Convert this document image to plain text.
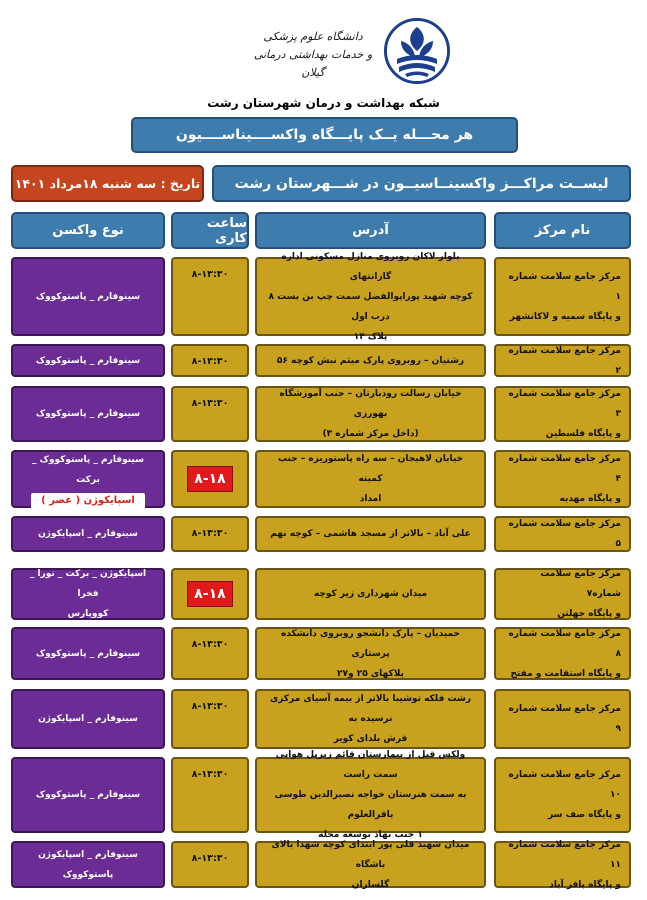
دانشگاه علوم پزشکی
و خدمات بهداشتی درمانی گیلان
شبکه بهداشت و درمان شهرستان رشت
هر محـــله یــک پایـــگاه واکســــیناســــیون
لیســت مراکـــز واکسینــاسیــون در شـــهرستان رشت
تاریخ : سه شنبه ۱۸مرداد ۱۴۰۱
نام مرکز
آدرس
ساعت کاری
نوع واکسن
مرکز جامع سلامت شماره ۱
و پایگاه سمیه و لاکانشهر
بلوار لاکان روبروی منازل مسکونی اداره گازانتهای
کوچه شهید پوراپوالفضل سمت چپ بن بست ۸ درب اول
پلاک ۱۴
۸-۱۳:۳۰
سینوفارم _ پاستوکووک
مرکز جامع سلامت شماره ۲
رشتیان – روبروی پارک میثم نبش کوچه ۵۶
۸-۱۳:۳۰
سینوفارم _ پاستوکووک
مرکز جامع سلامت شماره ۳
و پایگاه فلسطین
خیابان رسالت رودبارتان – جنب آموزشگاه بهورزی
(داخل مرکز شماره ۳)
۸-۱۳:۳۰
سینوفارم _ پاستوکووک
مرکز جامع سلامت شماره ۴
و پایگاه مهدیه
خیابان لاهیجان – سه راه پاستوریزه – جنب کمیته
امداد
۸-۱۸
سینوفارم _ پاستوکووک _ برکت
اسپایکوژن ( عصر )
مرکز جامع سلامت شماره ۵
علی آباد – بالاتر از مسجد هاشمی – کوچه نهم
۸-۱۳:۳۰
سینوفارم _ اسپایکوژن
مرکز جامع سلامت شماره۷
و پایگاه جهلتن
میدان شهرداری زیر کوچه
۸-۱۸
اسپایکوژن _ برکت _ نورا _ فخرا
کووپارس
مرکز جامع سلامت شماره ۸
و پایگاه استقامت و مفتح
حمیدیان – پارک دانشجو روبروی دانشکده پرستاری
پلاکهای ۲۵ و۲۷
۸-۱۳:۳۰
سینوفارم _ پاستوکووک
مرکز جامع سلامت شماره ۹
رشت فلکه توشیبا بالاتر از بیمه آسیای مرکزی نرسیده به
فرش بلدای کویر
۸-۱۳:۳۰
سینوفارم _ اسپایکوژن
مرکز جامع سلامت شماره ۱۰
و پایگاه صف سر
ولکس قبل از بیمارستان قائم زیرپل هوایی سمت راست
به سمت هنرستان خواجه نصیرالدین طوسی باقرالعلوم
۱ جنب نهاد توسعه محله
۸-۱۳:۳۰
سینوفارم _ پاستوکووک
مرکز جامع سلامت شماره ۱۱
و پایگاه باقر آباد
میدان شهید قلی پور ابتدای کوچه شهدا بالای باشگاه
گلساران
۸-۱۳:۳۰
سینوفارم _ اسپایکوژن
پاستوکووک
